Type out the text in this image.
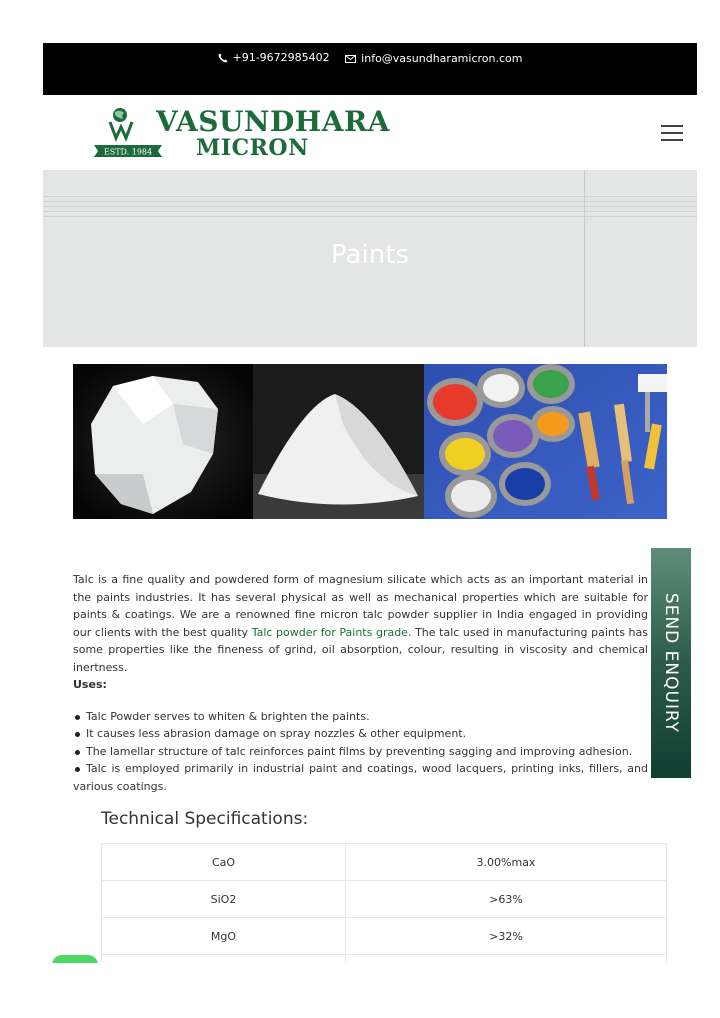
+91-9672985402
	info@vasundharamicron.com
ESTD. 1984
VASUNDHARA
MICRON
Paints

Talc is a fine quality and powdered form of magnesium silicate which acts as an important material in the paints industries. It has several physical as well as mechanical properties which are suitable for paints & coatings. We are a renowned fine micron talc powder supplier in India engaged in providing our clients with the best quality Talc powder for Paints grade. The talc used in manufacturing paints has some properties like the fineness of grind, oil absorption, colour, resulting in viscosity and chemical inertness.

Uses:

Talc Powder serves to whiten & brighten the paints.
It causes less abrasion damage on spray nozzles & other equipment.
The lamellar structure of talc reinforces paint films by preventing sagging and improving adhesion.
Talc is employed primarily in industrial paint and coatings, wood lacquers, printing inks, fillers, and various coatings.
Technical Specifications:
CaO	3.00%max
SiO2	>63%
MgO	>32%

SEND ENQUIRY
